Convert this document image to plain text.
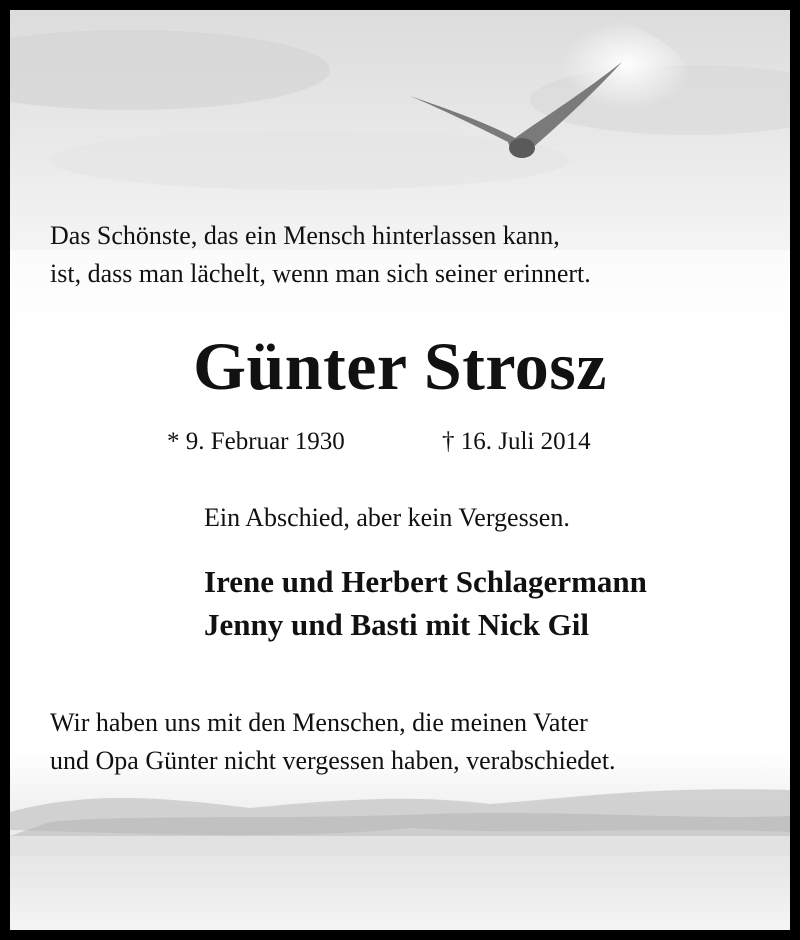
Das Schönste, das ein Mensch hinterlassen kann,
ist, dass man lächelt, wenn man sich seiner erinnert.
Günter Strosz
* 9. Februar 1930	† 16. Juli 2014
Ein Abschied, aber kein Vergessen.
Irene und Herbert Schlagermann
Jenny und Basti mit Nick Gil
Wir haben uns mit den Menschen, die meinen Vater
und Opa Günter nicht vergessen haben, verabschiedet.
